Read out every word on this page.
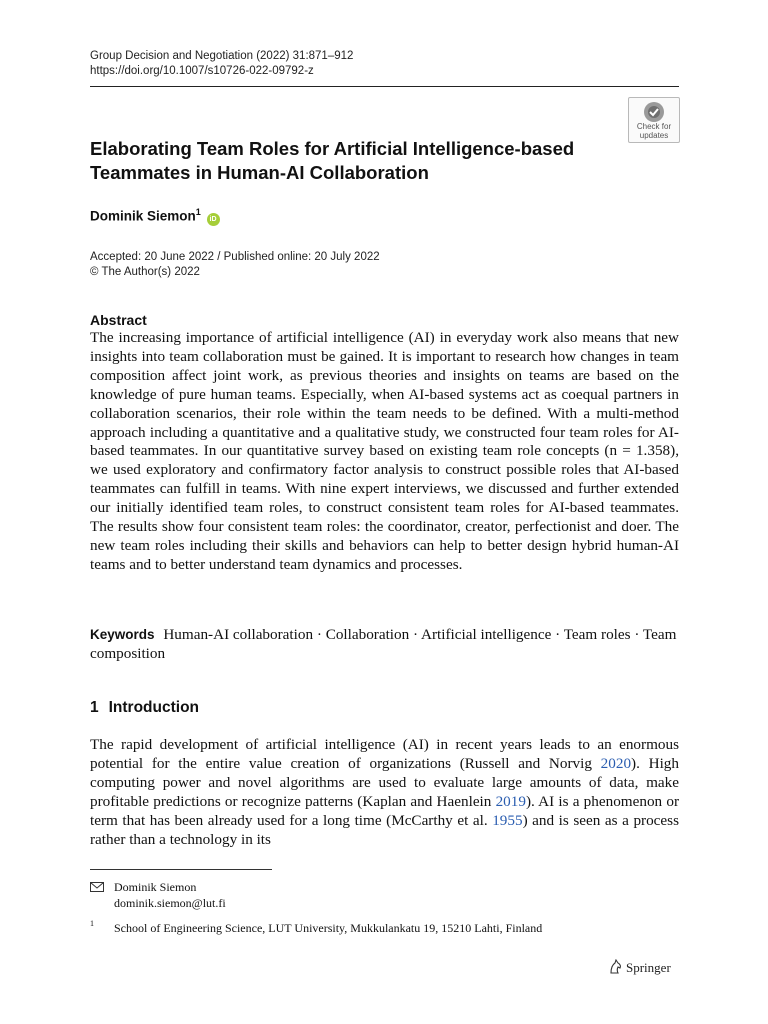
Group Decision and Negotiation (2022) 31:871–912
https://doi.org/10.1007/s10726-022-09792-z
Check for
updates
Elaborating Team Roles for Artificial Intelligence-based Teammates in Human-AI Collaboration
Dominik Siemon$^1$ iD
Accepted: 20 June 2022 / Published online: 20 July 2022
© The Author(s) 2022
Abstract

The increasing importance of artificial intelligence (AI) in everyday work also means that new insights into team collaboration must be gained. It is important to research how changes in team composition affect joint work, as previous theories and insights on teams are based on the knowledge of pure human teams. Especially, when AI-based systems act as coequal partners in collaboration scenarios, their role within the team needs to be defined. With a multi-method approach including a quantitative and a qualitative study, we constructed four team roles for AI-based teammates. In our quantitative survey based on existing team role concepts (n = 1.358), we used exploratory and confirmatory factor analysis to construct possible roles that AI-based teammates can fulfill in teams. With nine expert interviews, we discussed and further extended our initially identified team roles, to construct consistent team roles for AI-based teammates. The results show four consistent team roles: the coordinator, creator, perfectionist and doer. The new team roles including their skills and behaviors can help to better design hybrid human-AI teams and to better understand team dynamics and processes.

Keywords Human-AI collaboration · Collaboration · Artificial intelligence · Team roles · Team composition

1 Introduction

The rapid development of artificial intelligence (AI) in recent years leads to an enormous potential for the entire value creation of organizations (Russell and Norvig 2020). High computing power and novel algorithms are used to evaluate large amounts of data, make profitable predictions or recognize patterns (Kaplan and Haenlein 2019). AI is a phenomenon or term that has been already used for a long time (McCarthy et al. 1955) and is seen as a process rather than a technology in its

Dominik Siemon
dominik.siemon@lut.fi
1 School of Engineering Science, LUT University, Mukkulankatu 19, 15210 Lahti, Finland
Springer
